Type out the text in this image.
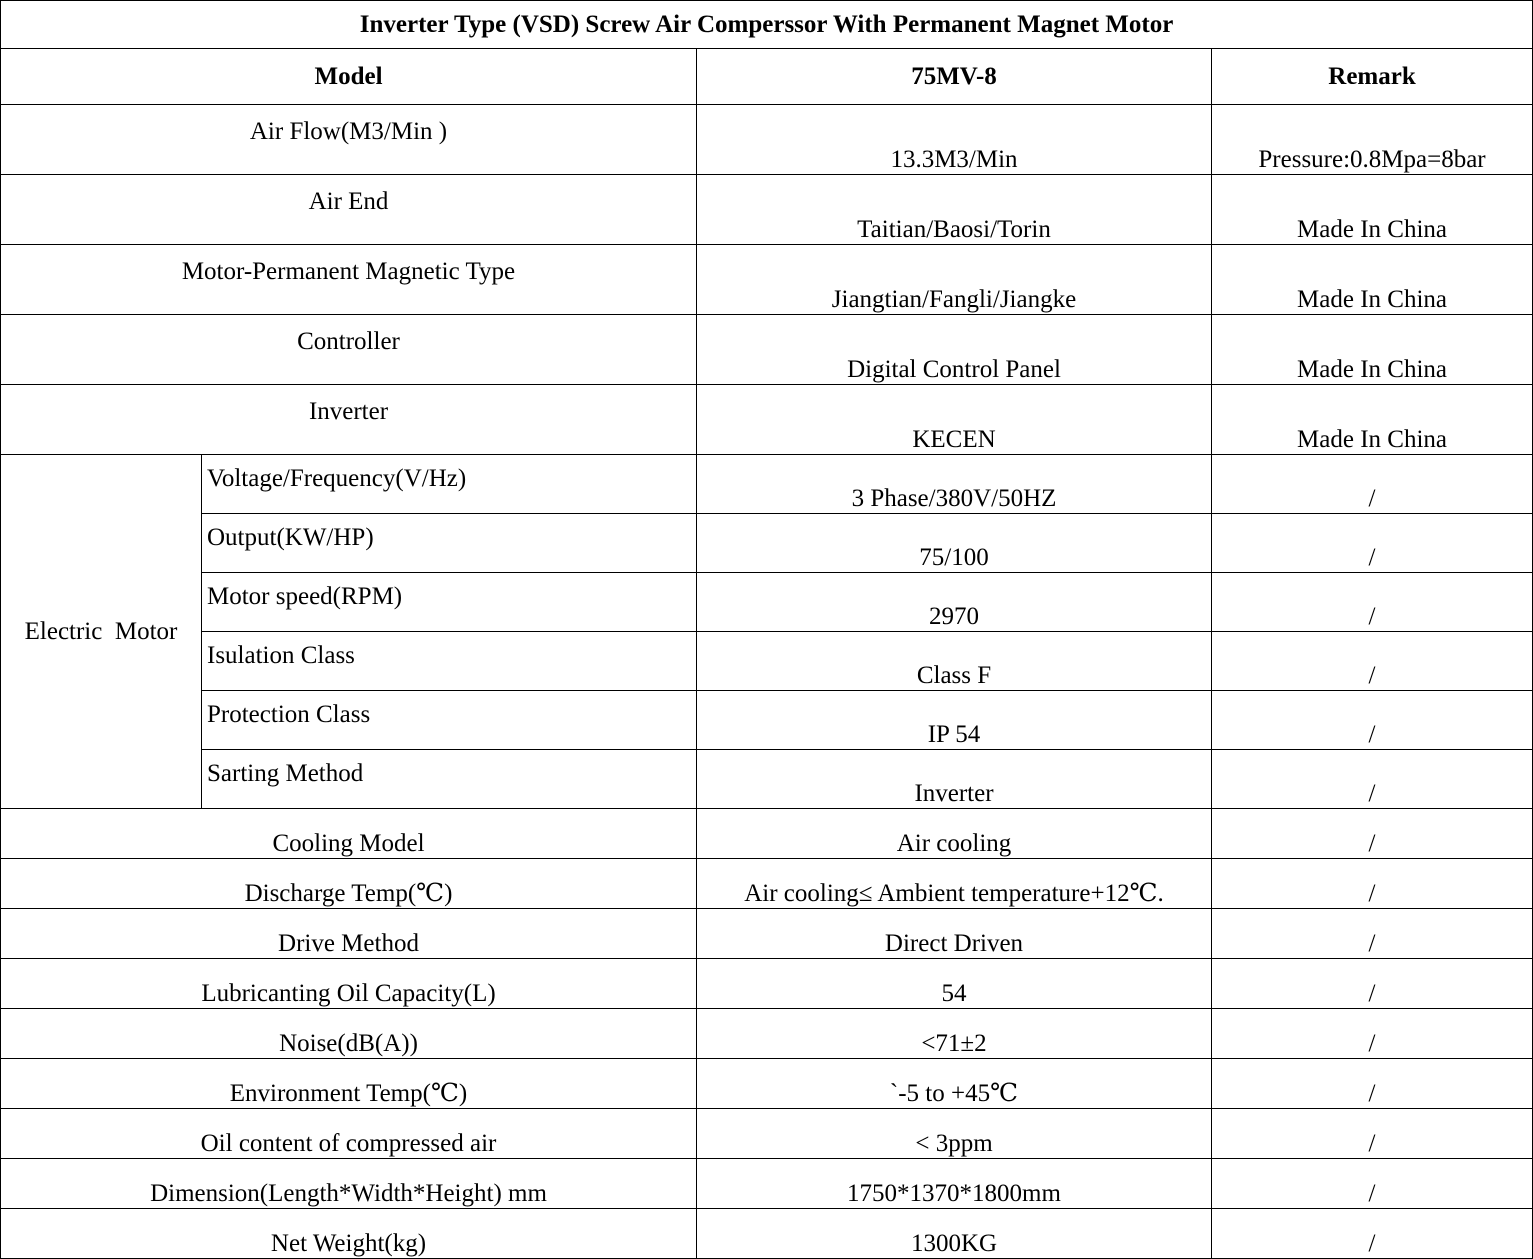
Inverter Type (VSD) Screw Air Comperssor With Permanent Magnet Motor			
Model		75MV-8	Remark
Air Flow(M3/Min )		13.3M3/Min	Pressure:0.8Mpa=8bar
Air End		Taitian/Baosi/Torin	Made In China
Motor-Permanent Magnetic Type		Jiangtian/Fangli/Jiangke	Made In China
Controller		Digital Control Panel	Made In China
Inverter		KECEN	Made In China
Electric  Motor	Voltage/Frequency(V/Hz)	3 Phase/380V/50HZ	/
	Output(KW/HP)	75/100	/
	Motor speed(RPM)	2970	/
	Isulation Class	Class F	/
	Protection Class	IP 54	/
	Sarting Method	Inverter	/
Cooling Model		Air cooling	/
Discharge Temp(℃)		Air cooling≤ Ambient temperature+12℃.	/
Drive Method		Direct Driven	/
Lubricanting Oil Capacity(L)		54	/
Noise(dB(A))		<71±2	/
Environment Temp(℃)		`-5 to +45℃	/
Oil content of compressed air		< 3ppm	/
Dimension(Length*Width*Height) mm		1750*1370*1800mm	/
Net Weight(kg)		1300KG	/
